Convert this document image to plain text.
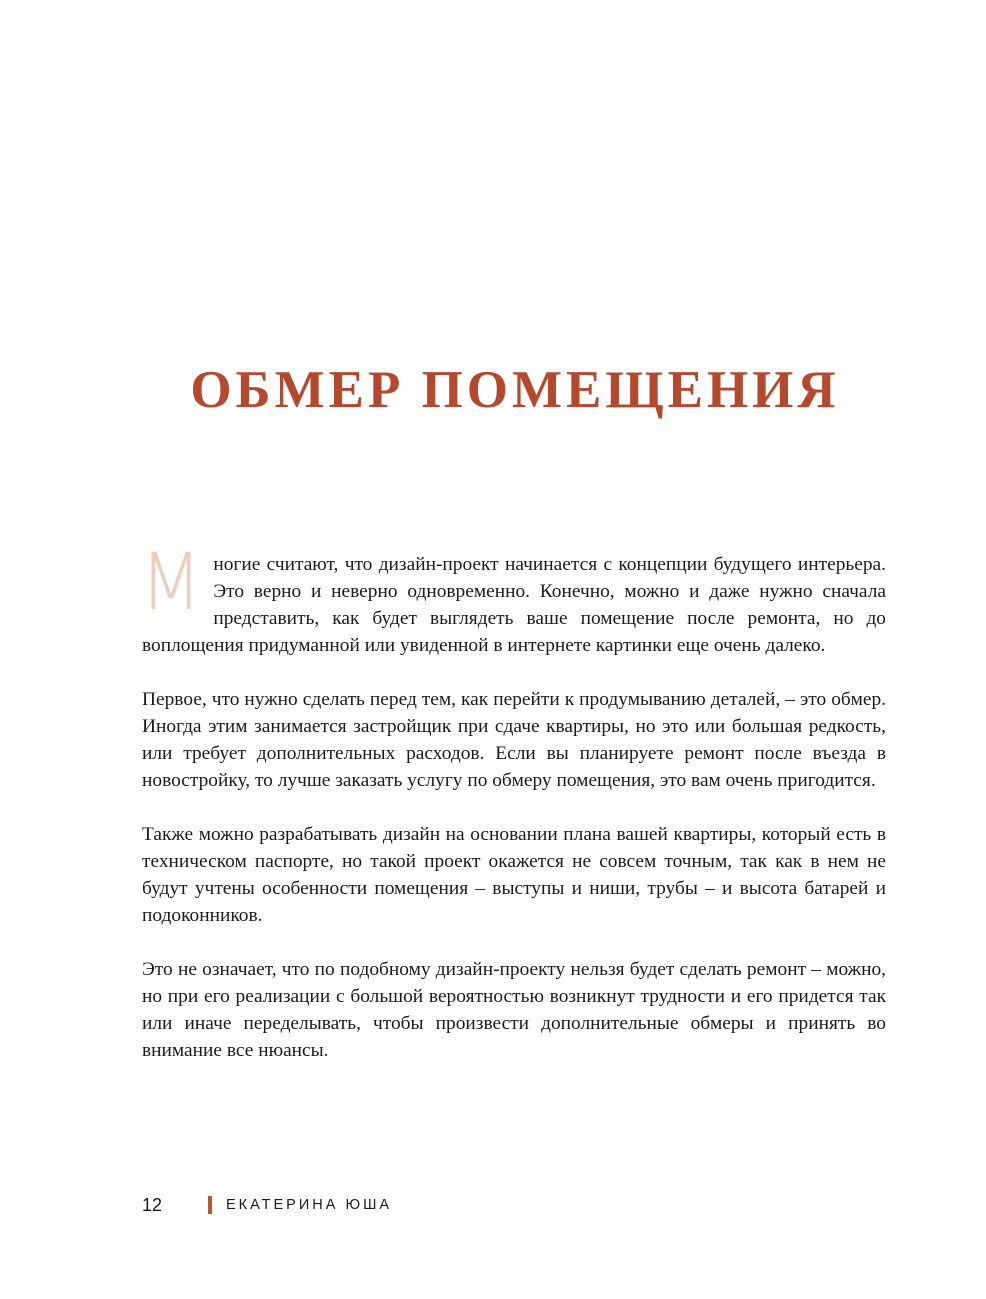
ОБМЕР ПОМЕЩЕНИЯ

Многие считают, что дизайн-проект начинается с концепции будущего интерьера. Это верно и неверно одновременно. Конечно, можно и даже нужно сначала представить, как будет выглядеть ваше помещение после ремонта, но до воплощения придуманной или увиденной в интернете картинки еще очень далеко.

Первое, что нужно сделать перед тем, как перейти к продумыванию деталей, – это обмер. Иногда этим занимается застройщик при сдаче квартиры, но это или большая редкость, или требует дополнительных расходов. Если вы планируете ремонт после въезда в новостройку, то лучше заказать услугу по обмеру помещения, это вам очень пригодится.

Также можно разрабатывать дизайн на основании плана вашей квартиры, который есть в техническом паспорте, но такой проект окажется не совсем точным, так как в нем не будут учтены особенности помещения – выступы и ниши, трубы – и высота батарей и подоконников.

Это не означает, что по подобному дизайн-проекту нельзя будет сделать ремонт – можно, но при его реализации с большой вероятностью возникнут трудности и его придется так или иначе переделывать, чтобы произвести дополнительные обмеры и принять во внимание все нюансы.

12	ЕКАТЕРИНА ЮША
